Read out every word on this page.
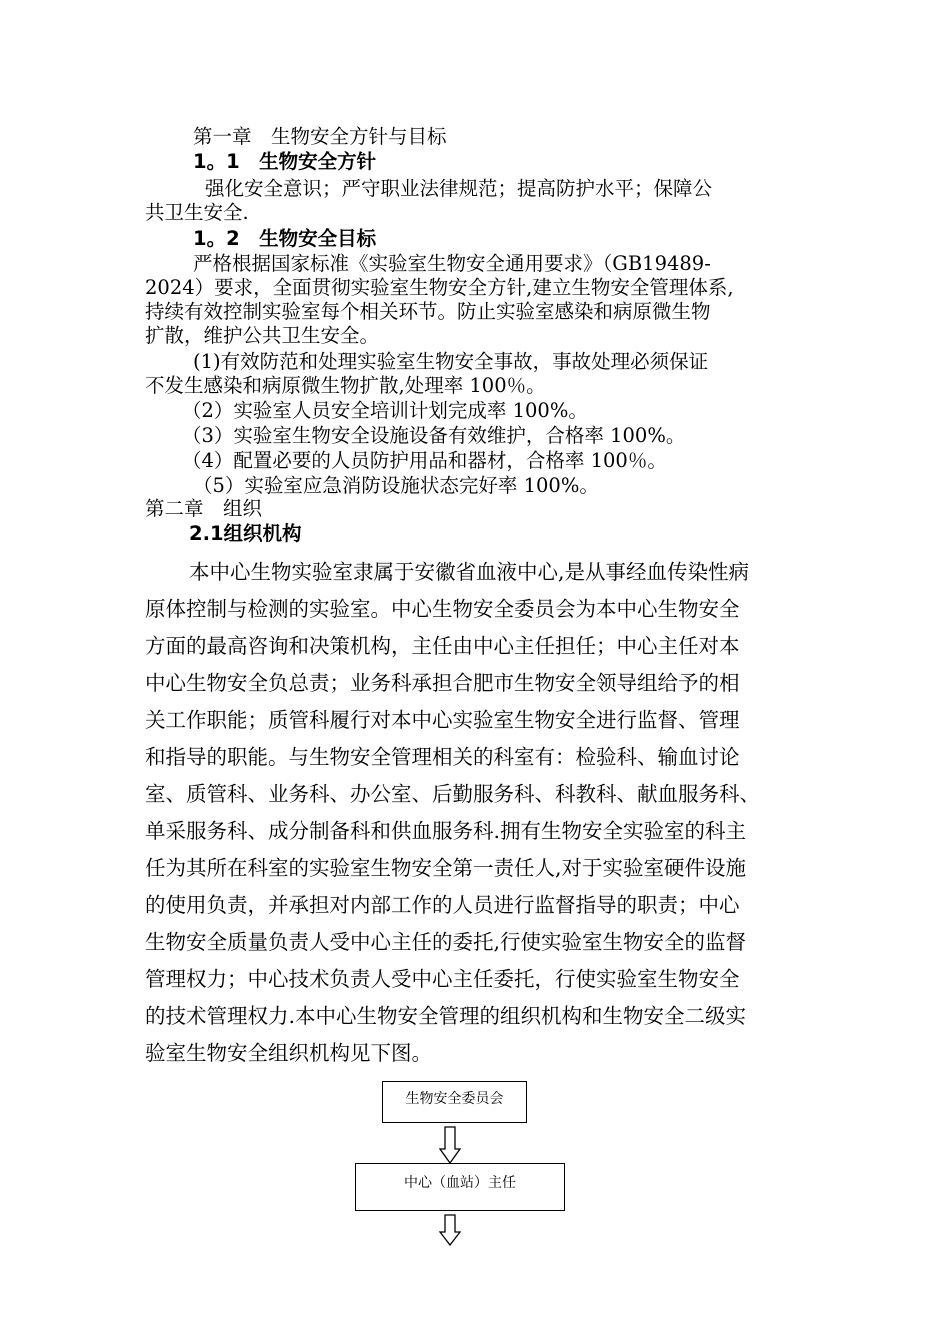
第一章　生物安全方针与目标
1。1　生物安全方针
强化安全意识；严守职业法律规范；提高防护水平；保障公
共卫生安全.
1。2　生物安全目标
严格根据国家标准《实验室生物安全通用要求》（GB19489-
2024）要求，全面贯彻实验室生物安全方针,建立生物安全管理体系,
持续有效控制实验室每个相关环节。防止实验室感染和病原微生物
扩散，维护公共卫生安全。
(1)有效防范和处理实验室生物安全事故，事故处理必须保证
不发生感染和病原微生物扩散,处理率 100％。
（2）实验室人员安全培训计划完成率 100%。
（3）实验室生物安全设施设备有效维护，合格率 100%。
（4）配置必要的人员防护用品和器材，合格率 100％。
（5）实验室应急消防设施状态完好率 100%。
第二章　组织
2.1组织机构
本中心生物实验室隶属于安徽省血液中心,是从事经血传染性病
原体控制与检测的实验室。中心生物安全委员会为本中心生物安全
方面的最高咨询和决策机构，主任由中心主任担任；中心主任对本
中心生物安全负总责；业务科承担合肥市生物安全领导组给予的相
关工作职能；质管科履行对本中心实验室生物安全进行监督、管理
和指导的职能。与生物安全管理相关的科室有：检验科、输血讨论
室、质管科、业务科、办公室、后勤服务科、科教科、献血服务科、
单采服务科、成分制备科和供血服务科.拥有生物安全实验室的科主
任为其所在科室的实验室生物安全第一责任人,对于实验室硬件设施
的使用负责，并承担对内部工作的人员进行监督指导的职责；中心
生物安全质量负责人受中心主任的委托,行使实验室生物安全的监督
管理权力；中心技术负责人受中心主任委托，行使实验室生物安全
的技术管理权力.本中心生物安全管理的组织机构和生物安全二级实
验室生物安全组织机构见下图。
生物安全委员会
中心（血站）主任
